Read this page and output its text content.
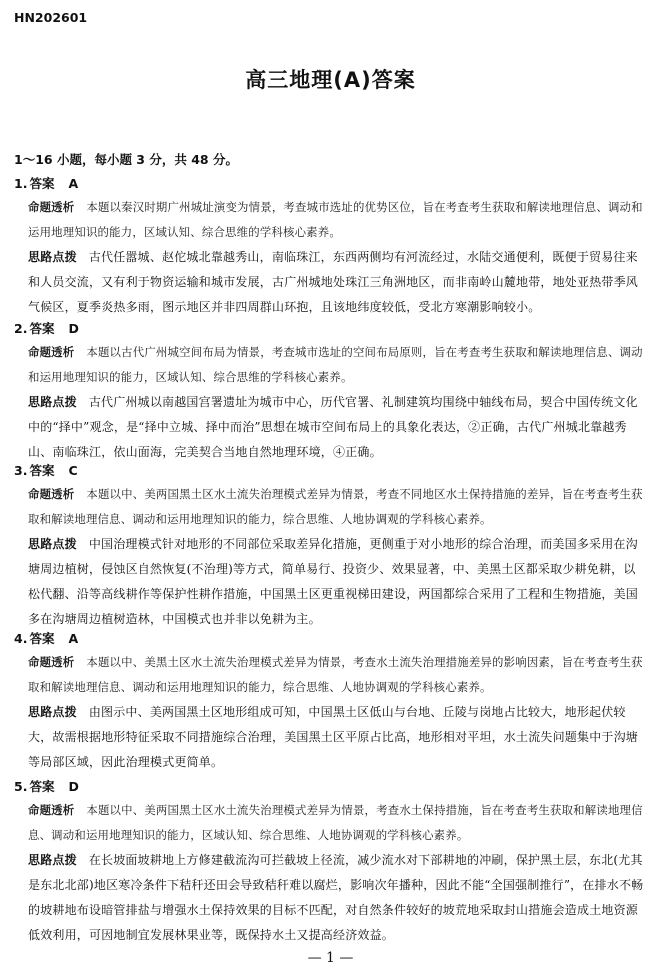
HN202601
高三地理(A)答案
1～16 小题，每小题 3 分，共 48 分。
1. 答案 A
命题透析 本题以秦汉时期广州城址演变为情景，考查城市选址的优势区位，旨在考查考生获取和解读地理信息、调动和运用地理知识的能力，区域认知、综合思维的学科核心素养。
思路点拨 古代任嚣城、赵佗城北靠越秀山，南临珠江，东西两侧均有河流经过，水陆交通便利，既便于贸易往来和人员交流，又有利于物资运输和城市发展，古广州城地处珠江三角洲地区，而非南岭山麓地带，地处亚热带季风气候区，夏季炎热多雨，图示地区并非四周群山环抱，且该地纬度较低，受北方寒潮影响较小。
2. 答案 D
命题透析 本题以古代广州城空间布局为情景，考查城市选址的空间布局原则，旨在考查考生获取和解读地理信息、调动和运用地理知识的能力，区域认知、综合思维的学科核心素养。
思路点拨 古代广州城以南越国宫署遗址为城市中心，历代官署、礼制建筑均围绕中轴线布局，契合中国传统文化中的“择中”观念，是“择中立城、择中而治”思想在城市空间布局上的具象化表达，②正确，古代广州城北靠越秀山、南临珠江，依山面海，完美契合当地自然地理环境，④正确。
3. 答案 C
命题透析 本题以中、美两国黑土区水土流失治理模式差异为情景，考查不同地区水土保持措施的差异，旨在考查考生获取和解读地理信息、调动和运用地理知识的能力，综合思维、人地协调观的学科核心素养。
思路点拨 中国治理模式针对地形的不同部位采取差异化措施，更侧重于对小地形的综合治理，而美国多采用在沟塘周边植树，侵蚀区自然恢复(不治理)等方式，简单易行、投资少、效果显著，中、美黑土区都采取少耕免耕，以松代翻、沿等高线耕作等保护性耕作措施，中国黑土区更重视梯田建设，两国都综合采用了工程和生物措施，美国多在沟塘周边植树造林，中国模式也并非以免耕为主。
4. 答案 A
命题透析 本题以中、美黑土区水土流失治理模式差异为情景，考查水土流失治理措施差异的影响因素，旨在考查考生获取和解读地理信息、调动和运用地理知识的能力，综合思维、人地协调观的学科核心素养。
思路点拨 由图示中、美两国黑土区地形组成可知，中国黑土区低山与台地、丘陵与岗地占比较大，地形起伏较大，故需根据地形特征采取不同措施综合治理，美国黑土区平原占比高，地形相对平坦，水土流失问题集中于沟塘等局部区域，因此治理模式更简单。
5. 答案 D
命题透析 本题以中、美两国黑土区水土流失治理模式差异为情景，考查水土保持措施，旨在考查考生获取和解读地理信息、调动和运用地理知识的能力，区域认知、综合思维、人地协调观的学科核心素养。
思路点拨 在长坡面坡耕地上方修建截流沟可拦截坡上径流，减少流水对下部耕地的冲刷，保护黑土层，东北(尤其是东北北部)地区寒冷条件下秸秆还田会导致秸秆难以腐烂，影响次年播种，因此不能“全国强制推行”，在排水不畅的坡耕地布设暗管排盐与增强水土保持效果的目标不匹配，对自然条件较好的坡荒地采取封山措施会造成土地资源低效利用，可因地制宜发展林果业等，既保持水土又提高经济效益。
— 1 —
